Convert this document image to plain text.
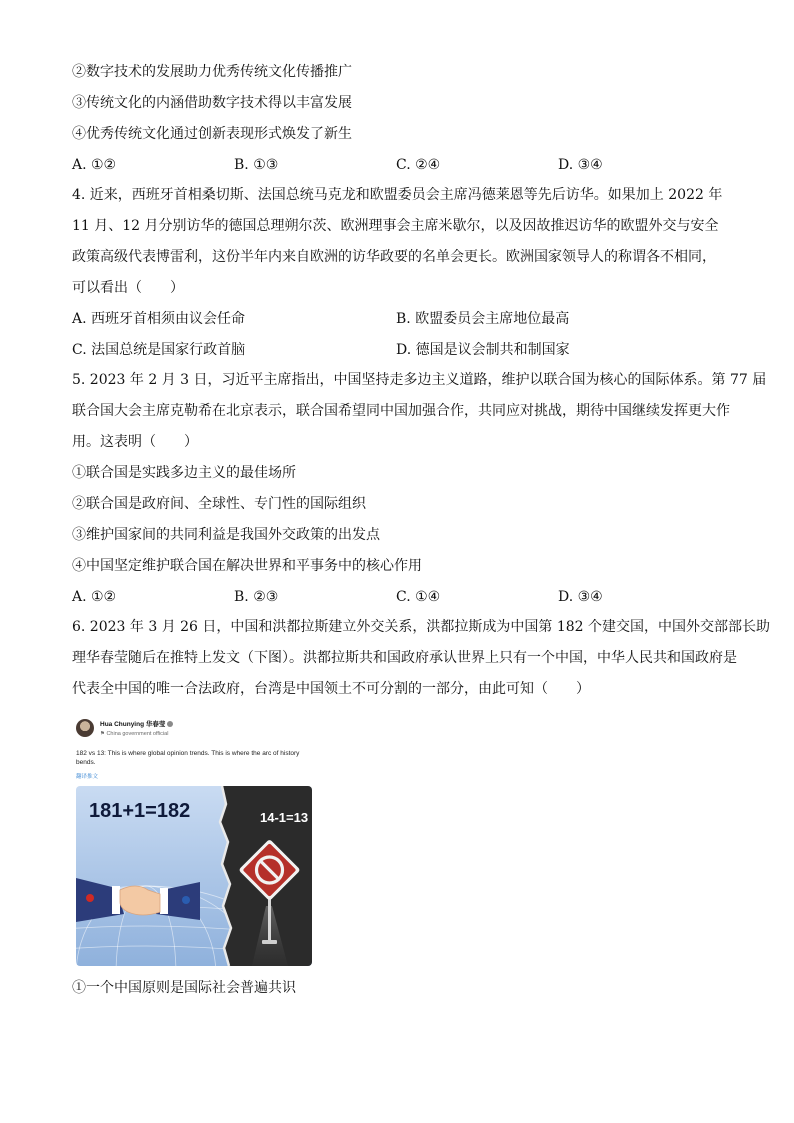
②数字技术的发展助力优秀传统文化传播推广
③传统文化的内涵借助数字技术得以丰富发展
④优秀传统文化通过创新表现形式焕发了新生
A. ①②	B. ①③	C. ②④	D. ③④
4. 近来，西班牙首相桑切斯、法国总统马克龙和欧盟委员会主席冯德莱恩等先后访华。如果加上 2022 年
11 月、12 月分别访华的德国总理朔尔茨、欧洲理事会主席米歇尔，以及因故推迟访华的欧盟外交与安全
政策高级代表博雷利，这份半年内来自欧洲的访华政要的名单会更长。欧洲国家领导人的称谓各不相同，
可以看出（　　）
A. 西班牙首相须由议会任命	B. 欧盟委员会主席地位最高
C. 法国总统是国家行政首脑	D. 德国是议会制共和制国家
5. 2023 年 2 月 3 日，习近平主席指出，中国坚持走多边主义道路，维护以联合国为核心的国际体系。第 77 届
联合国大会主席克勒希在北京表示，联合国希望同中国加强合作，共同应对挑战，期待中国继续发挥更大作
用。这表明（　　）
①联合国是实践多边主义的最佳场所
②联合国是政府间、全球性、专门性的国际组织
③维护国家间的共同利益是我国外交政策的出发点
④中国坚定维护联合国在解决世界和平事务中的核心作用
A. ①②	B. ②③	C. ①④	D. ③④
6. 2023 年 3 月 26 日，中国和洪都拉斯建立外交关系，洪都拉斯成为中国第 182 个建交国，中国外交部部长助
理华春莹随后在推特上发文（下图）。洪都拉斯共和国政府承认世界上只有一个中国，中华人民共和国政府是
代表全中国的唯一合法政府，台湾是中国领土不可分割的一部分，由此可知（　　）
Hua Chunying 华春莹
⚑ China government official
182 vs 13: This is where global opinion trends. This is where the arc of history bends.
翻译推文
181+1=182	14-1=13
①一个中国原则是国际社会普遍共识
